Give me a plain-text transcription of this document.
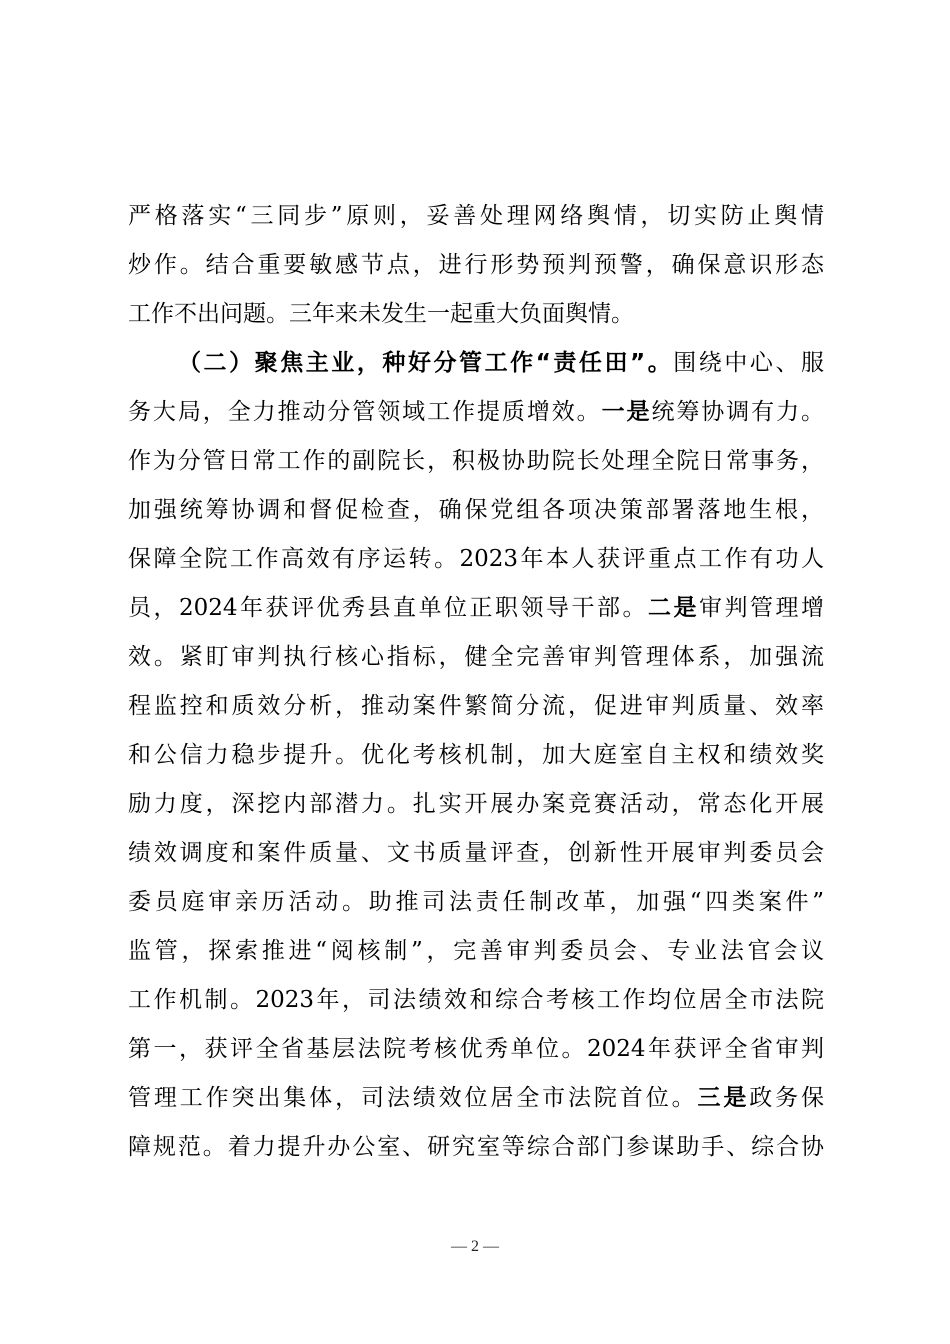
严格落实“三同步”原则，妥善处理网络舆情，切实防止舆情
炒作。结合重要敏感节点，进行形势预判预警，确保意识形态
工作不出问题。三年来未发生一起重大负面舆情。
（二）聚焦主业，种好分管工作“责任田”。围绕中心、服
务大局，全力推动分管领域工作提质增效。一是统筹协调有力。
作为分管日常工作的副院长，积极协助院长处理全院日常事务，
加强统筹协调和督促检查，确保党组各项决策部署落地生根，
保障全院工作高效有序运转。2023年本人获评重点工作有功人
员，2024年获评优秀县直单位正职领导干部。二是审判管理增
效。紧盯审判执行核心指标，健全完善审判管理体系，加强流
程监控和质效分析，推动案件繁简分流，促进审判质量、效率
和公信力稳步提升。优化考核机制，加大庭室自主权和绩效奖
励力度，深挖内部潜力。扎实开展办案竞赛活动，常态化开展
绩效调度和案件质量、文书质量评查，创新性开展审判委员会
委员庭审亲历活动。助推司法责任制改革，加强“四类案件”
监管，探索推进“阅核制”，完善审判委员会、专业法官会议
工作机制。2023年，司法绩效和综合考核工作均位居全市法院
第一，获评全省基层法院考核优秀单位。2024年获评全省审判
管理工作突出集体，司法绩效位居全市法院首位。三是政务保
障规范。着力提升办公室、研究室等综合部门参谋助手、综合协
— 2 —
